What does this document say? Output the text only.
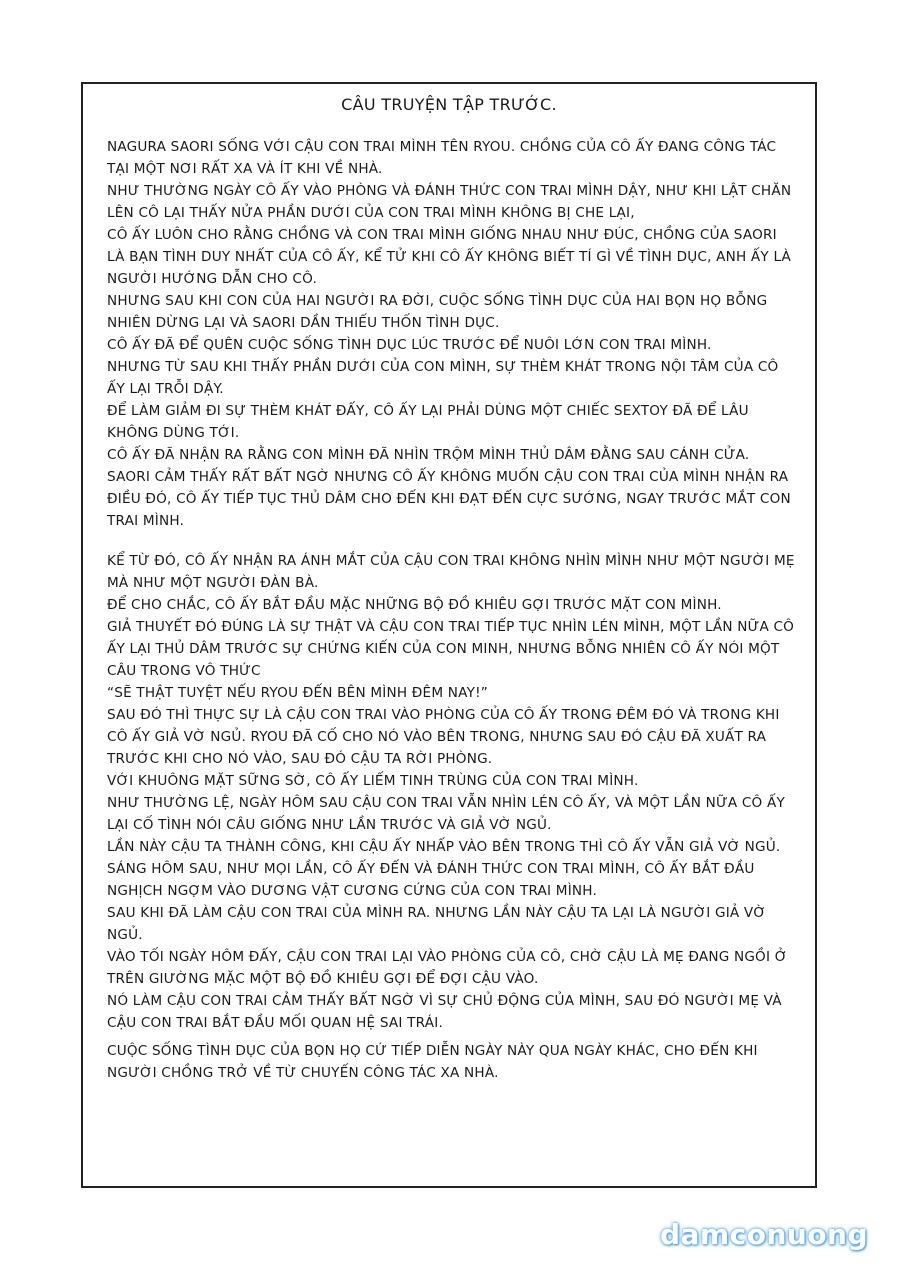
CÂU TRUYỆN TẬP TRƯỚC.

NAGURA SAORI SỐNG VỚI CẬU CON TRAI MÌNH TÊN RYOU. CHỒNG CỦA CÔ ẤY ĐANG CÔNG TÁC TẠI MỘT NƠI RẤT XA VÀ ÍT KHI VỀ NHÀ.

NHƯ THƯỜNG NGÀY CÔ ẤY VÀO PHÒNG VÀ ĐÁNH THỨC CON TRAI MÌNH DẬY, NHƯ KHI LẬT CHĂN LÊN CÔ LẠI THẤY NỬA PHẦN DƯỚI CỦA CON TRAI MÌNH KHÔNG BỊ CHE LẠI,

CÔ ẤY LUÔN CHO RẰNG CHỒNG VÀ CON TRAI MÌNH GIỐNG NHAU NHƯ ĐÚC, CHỒNG CỦA SAORI LÀ BẠN TÌNH DUY NHẤT CỦA CÔ ẤY, KỂ TỬ KHI CÔ ẤY KHÔNG BIẾT TÍ GÌ VỀ TÌNH DỤC, ANH ẤY LÀ NGƯỜI HƯỚNG DẪN CHO CÔ.

NHƯNG SAU KHI CON CỦA HAI NGƯỜI RA ĐỜI, CUỘC SỐNG TÌNH DỤC CỦA HAI BỌN HỌ BỖNG NHIÊN DỪNG LẠI VÀ SAORI DẦN THIẾU THỐN TÌNH DỤC.

CÔ ẤY ĐÃ ĐỂ QUÊN CUỘC SỐNG TÌNH DỤC LÚC TRƯỚC ĐỂ NUÔI LỚN CON TRAI MÌNH.

NHƯNG TỪ SAU KHI THẤY PHẦN DƯỚI CỦA CON MÌNH, SỰ THÈM KHÁT TRONG NỘI TÂM CỦA CÔ ẤY LẠI TRỖI DẬY.

ĐỂ LÀM GIẢM ĐI SỰ THÈM KHÁT ĐẤY, CÔ ẤY LẠI PHẢI DÙNG MỘT CHIẾC SEXTOY ĐÃ ĐỂ LÂU KHÔNG DÙNG TỚI.

CÔ ẤY ĐÃ NHẬN RA RẰNG CON MÌNH ĐÃ NHÌN TRỘM MÌNH THỦ DÂM ĐẰNG SAU CÁNH CỬA.

SAORI CẢM THẤY RẤT BẤT NGỜ NHƯNG CÔ ẤY KHÔNG MUỐN CẬU CON TRAI CỦA MÌNH NHẬN RA ĐIỀU ĐÓ, CÔ ẤY TIẾP TỤC THỦ DÂM CHO ĐẾN KHI ĐẠT ĐẾN CỰC SƯỚNG, NGAY TRƯỚC MẮT CON TRAI MÌNH.

KỂ TỪ ĐÓ, CÔ ẤY NHẬN RA ÁNH MẮT CỦA CẬU CON TRAI KHÔNG NHÌN MÌNH NHƯ MỘT NGƯỜI MẸ MÀ NHƯ MỘT NGƯỜI ĐÀN BÀ.

ĐỂ CHO CHẮC, CÔ ẤY BẮT ĐẦU MẶC NHỮNG BỘ ĐỒ KHIÊU GỢI TRƯỚC MẶT CON MÌNH.

GIẢ THUYẾT ĐÓ ĐÚNG LÀ SỰ THẬT VÀ CẬU CON TRAI TIẾP TỤC NHÌN LÉN MÌNH, MỘT LẦN NỮA CÔ ẤY LẠI THỦ DÂM TRƯỚC SỰ CHỨNG KIẾN CỦA CON MINH, NHƯNG BỖNG NHIÊN CÔ ẤY NÓI MỘT CÂU TRONG VÔ THỨC

“SẼ THẬT TUYỆT NẾU RYOU ĐẾN BÊN MÌNH ĐÊM NAY!”

SAU ĐÓ THÌ THỰC SỰ LÀ CẬU CON TRAI VÀO PHÒNG CỦA CÔ ẤY TRONG ĐÊM ĐÓ VÀ TRONG KHI CÔ ẤY GIẢ VỜ NGỦ. RYOU ĐÃ CỐ CHO NÓ VÀO BÊN TRONG, NHƯNG SAU ĐÓ CẬU ĐÃ XUẤT RA TRƯỚC KHI CHO NÓ VÀO, SAU ĐÓ CẬU TA RỜI PHÒNG.

VỚI KHUÔNG MẶT SỮNG SỜ, CÔ ẤY LIẾM TINH TRÙNG CỦA CON TRAI MÌNH.

NHƯ THƯỜNG LỆ, NGÀY HÔM SAU CẬU CON TRAI VẪN NHÌN LÉN CÔ ẤY, VÀ MỘT LẦN NỮA CÔ ẤY LẠI CỐ TÌNH NÓI CÂU GIỐNG NHƯ LẦN TRƯỚC VÀ GIẢ VỜ NGỦ.

LẦN NÀY CẬU TA THÀNH CÔNG, KHI CẬU ẤY NHẤP VÀO BÊN TRONG THÌ CÔ ẤY VẪN GIẢ VỜ NGỦ.

SÁNG HÔM SAU, NHƯ MỌI LẦN, CÔ ẤY ĐẾN VÀ ĐÁNH THỨC CON TRAI MÌNH, CÔ ẤY BẮT ĐẦU NGHỊCH NGỢM VÀO DƯƠNG VẬT CƯƠNG CỨNG CỦA CON TRAI MÌNH.

SAU KHI ĐÃ LÀM CẬU CON TRAI CỦA MÌNH RA. NHƯNG LẦN NÀY CẬU TA LẠI LÀ NGƯỜI GIẢ VỜ NGỦ.

VÀO TỐI NGÀY HÔM ĐẤY, CẬU CON TRAI LẠI VÀO PHÒNG CỦA CÔ, CHỜ CẬU LÀ MẸ ĐANG NGỒI Ở TRÊN GIƯỜNG MẶC MỘT BỘ ĐỒ KHIÊU GỢI ĐỂ ĐỢI CẬU VÀO.

NÓ LÀM CẬU CON TRAI CẢM THẤY BẤT NGỜ VÌ SỰ CHỦ ĐỘNG CỦA MÌNH, SAU ĐÓ NGƯỜI MẸ VÀ CẬU CON TRAI BẮT ĐẦU MỐI QUAN HỆ SAI TRÁI.

CUỘC SỐNG TÌNH DỤC CỦA BỌN HỌ CỨ TIẾP DIỄN NGÀY NÀY QUA NGÀY KHÁC, CHO ĐẾN KHI NGƯỜI CHỒNG TRỞ VỀ TỪ CHUYẾN CÔNG TÁC XA NHÀ.

damconuong
